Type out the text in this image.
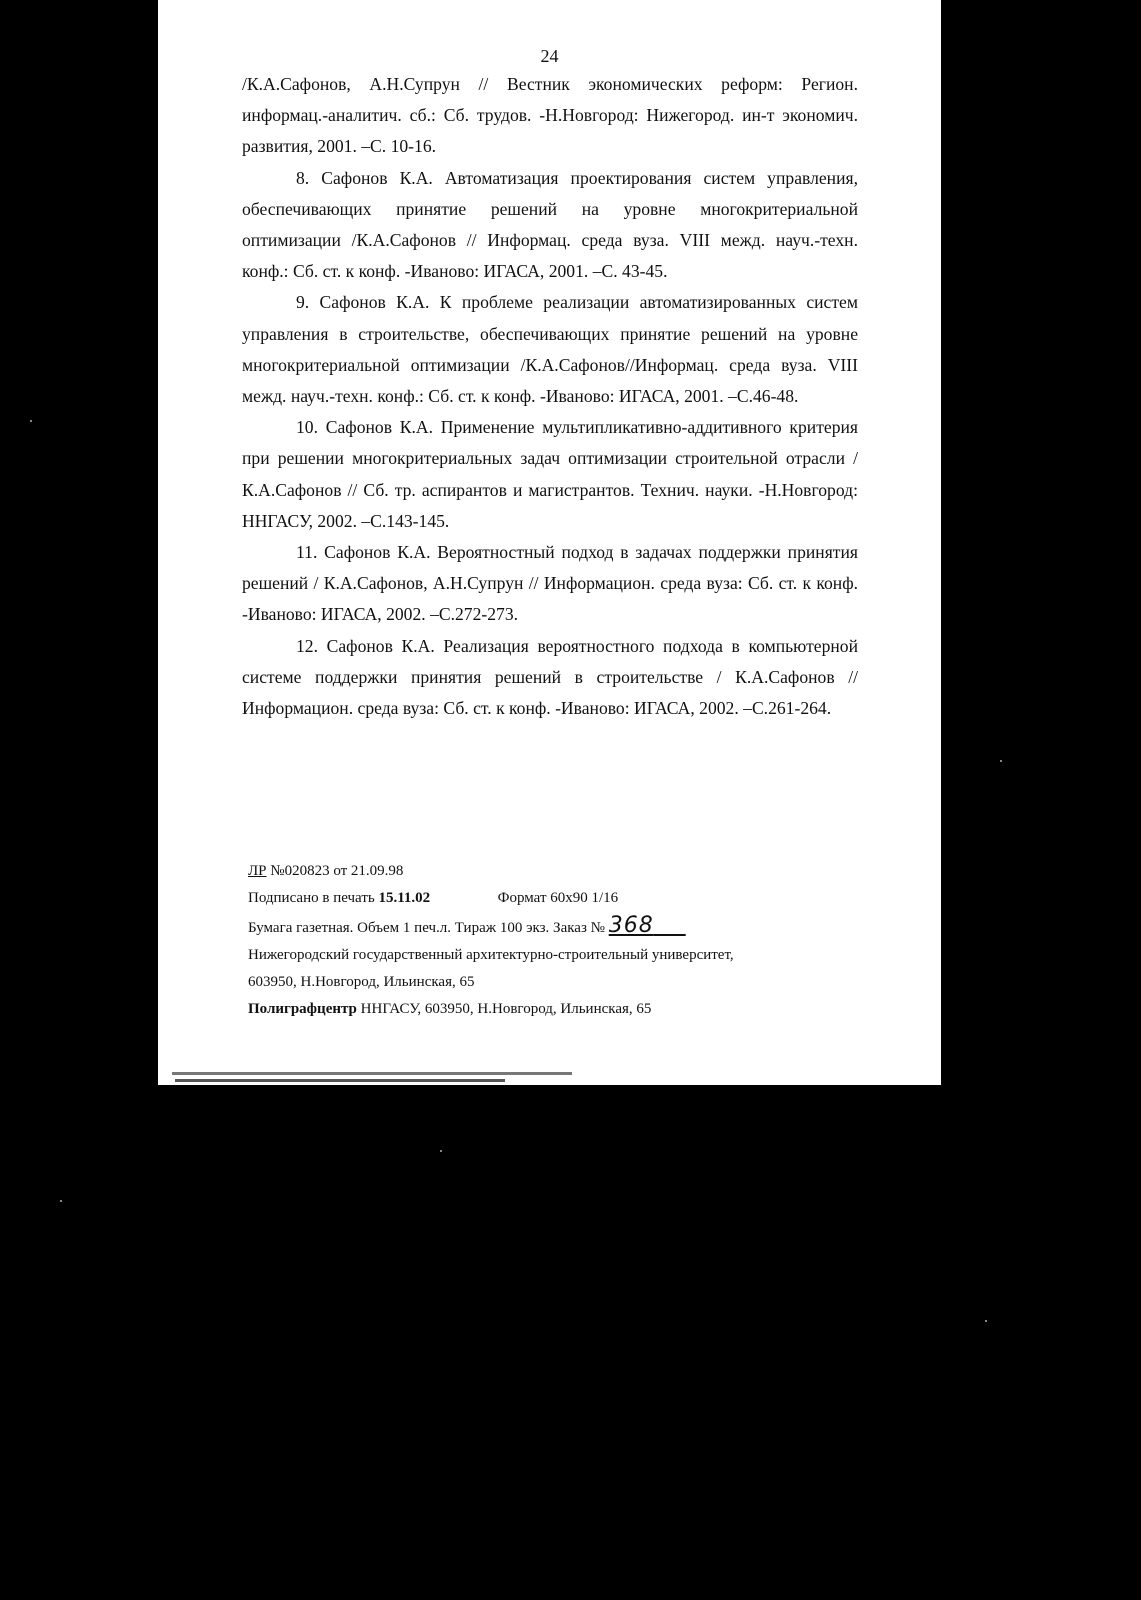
24

/К.А.Сафонов, А.Н.Супрун // Вестник экономических реформ: Регион. информац.-аналитич. сб.: Сб. трудов. -Н.Новгород: Нижегород. ин-т экономич. развития, 2001. –С. 10-16.

8. Сафонов К.А. Автоматизация проектирования систем управления, обеспечивающих принятие решений на уровне многокритериальной оптимизации /К.А.Сафонов // Информац. среда вуза. VIII межд. науч.-техн. конф.: Сб. ст. к конф. -Иваново: ИГАСА, 2001. –С. 43-45.

9. Сафонов К.А. К проблеме реализации автоматизированных систем управления в строительстве, обеспечивающих принятие решений на уровне многокритериальной оптимизации /К.А.Сафонов//Информац. среда вуза. VIII межд. науч.-техн. конф.: Сб. ст. к конф. -Иваново: ИГАСА, 2001. –С.46-48.

10. Сафонов К.А. Применение мультипликативно-аддитивного критерия при решении многокритериальных задач оптимизации строительной отрасли /К.А.Сафонов // Сб. тр. аспирантов и магистрантов. Технич. науки. -Н.Новгород: ННГАСУ, 2002. –С.143-145.

11. Сафонов К.А. Вероятностный подход в задачах поддержки принятия решений / К.А.Сафонов, А.Н.Супрун // Информацион. среда вуза: Сб. ст. к конф. -Иваново: ИГАСА, 2002. –С.272-273.

12. Сафонов К.А. Реализация вероятностного подхода в компьютерной системе поддержки принятия решений в строительстве / К.А.Сафонов //Информацион. среда вуза: Сб. ст. к конф. -Иваново: ИГАСА, 2002. –С.261-264.

ЛР №020823 от 21.09.98
Подписано в печать 15.11.02	Формат 60x90 1/16
Бумага газетная. Объем 1 печ.л. Тираж 100 экз. Заказ № 368
Нижегородский государственный архитектурно-строительный университет,
603950, Н.Новгород, Ильинская, 65
Полиграфцентр ННГАСУ, 603950, Н.Новгород, Ильинская, 65
